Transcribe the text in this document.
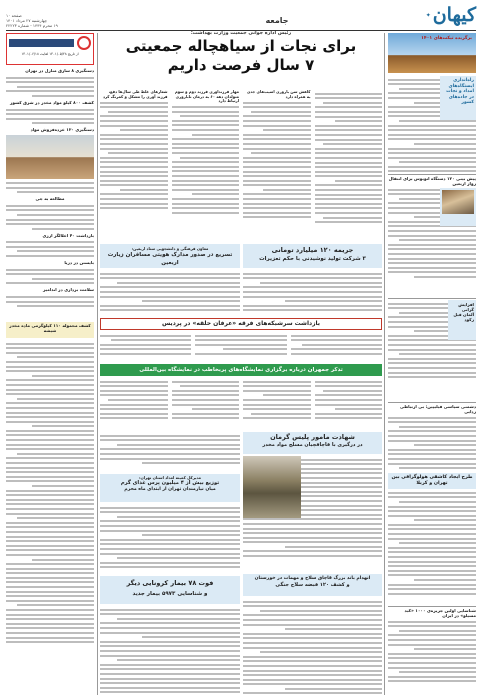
کیهان
✦
جامعه
صفحه ۱۰
چهارشنبه ۲۷ مرداد ۱۴۰۱
۱۹ محرم ۱۴۴۴ - شماره ۲۲۲۲۳
برگزیده تیکت‌های ۱۴۰۱
راه‌اندازی ایستگاه‌های امداد و نجات در جاده‌های کشور
پیش بینی ۱۲۰ دستگاه اتوبوس برای انتقال زوار اربعین
افزایش گرانی آلمان قبل رکود
دشمنی سیاسی فیلیپین: بی ارتباطی زدایی
طرح ایجاد کاشفی هولوگرافی بین تهران و کربلا
شناسایی اولین جزیره‌ی ۱۰۰۰ «کبد مسیلو» در ایران
از تاریخ ۱۴۰۱/۰۵/۲۸ لغایت ۱۴۰۱/۰۶/۱۸
دستگیری ۸ سارق منازل در تهران
کشف ۸۰۰ کیلو مواد مخدر در شرق کشور
دستگیری ۱۳۰ خرده‌فروش مواد
مطالعه به جی
بازداشت ۴۰ اخلالگر ارزی
بایستن در دریا
سلامت برداری در اندامیر
کشف محموله ۱۱۰ کیلوگرمی ماده مخدر شیشه
رئیس اداره جوانی جمعیت وزارت بهداشت:
برای نجات از سیاهچاله جمعیتی
۷ سال فرصت داریم
کاهش سن باروری آسیب‌های جدی به همراه دارد
مهار فرزندآوری فرزند دوم و سوم متولدان دهه ۶۰ به درمان ناباروری ارتباط دارد
شعارهای غلط طی سال‌ها دفع، فرزند آوری را مشکل و کمرنگ کرد
جریمه ۱۲۰ میلیارد تومانی
۳ شرکت تولید نوشیدنی با حکم تعزیرات
معاون فرهنگی و دانشجویی ستاد اربعین:
تسریع در صدور مدارک هویتی مسافران زیارت اربعین
بازداشت سرشبکه‌های فرقه «عرفان حلقه» در پردیس
تذکر جمهران درباره برگزاری نمایشگاه‌های پربخاطب در نمایشگاه بین‌المللی
شهادت مامور پلیس گرمان
در درگیری با قاچاقچیان مسلح مواد مخدر
مدیرکل کمیته امداد استان تهران:
توزیع بیش از ۴ میلیون پرس غذای گرم
میان نیازمندان تهران از ابتدای ماه محرم
انهدام باند بزرگ قاچاق سلاح و مهمات در خوزستان
و کشف ۱۲۰ قبضه سلاح جنگی
فوت ۷۸ بیمار کرونایی دیگر
و شناسایی ۵۹۷۳ بیمار جدید
